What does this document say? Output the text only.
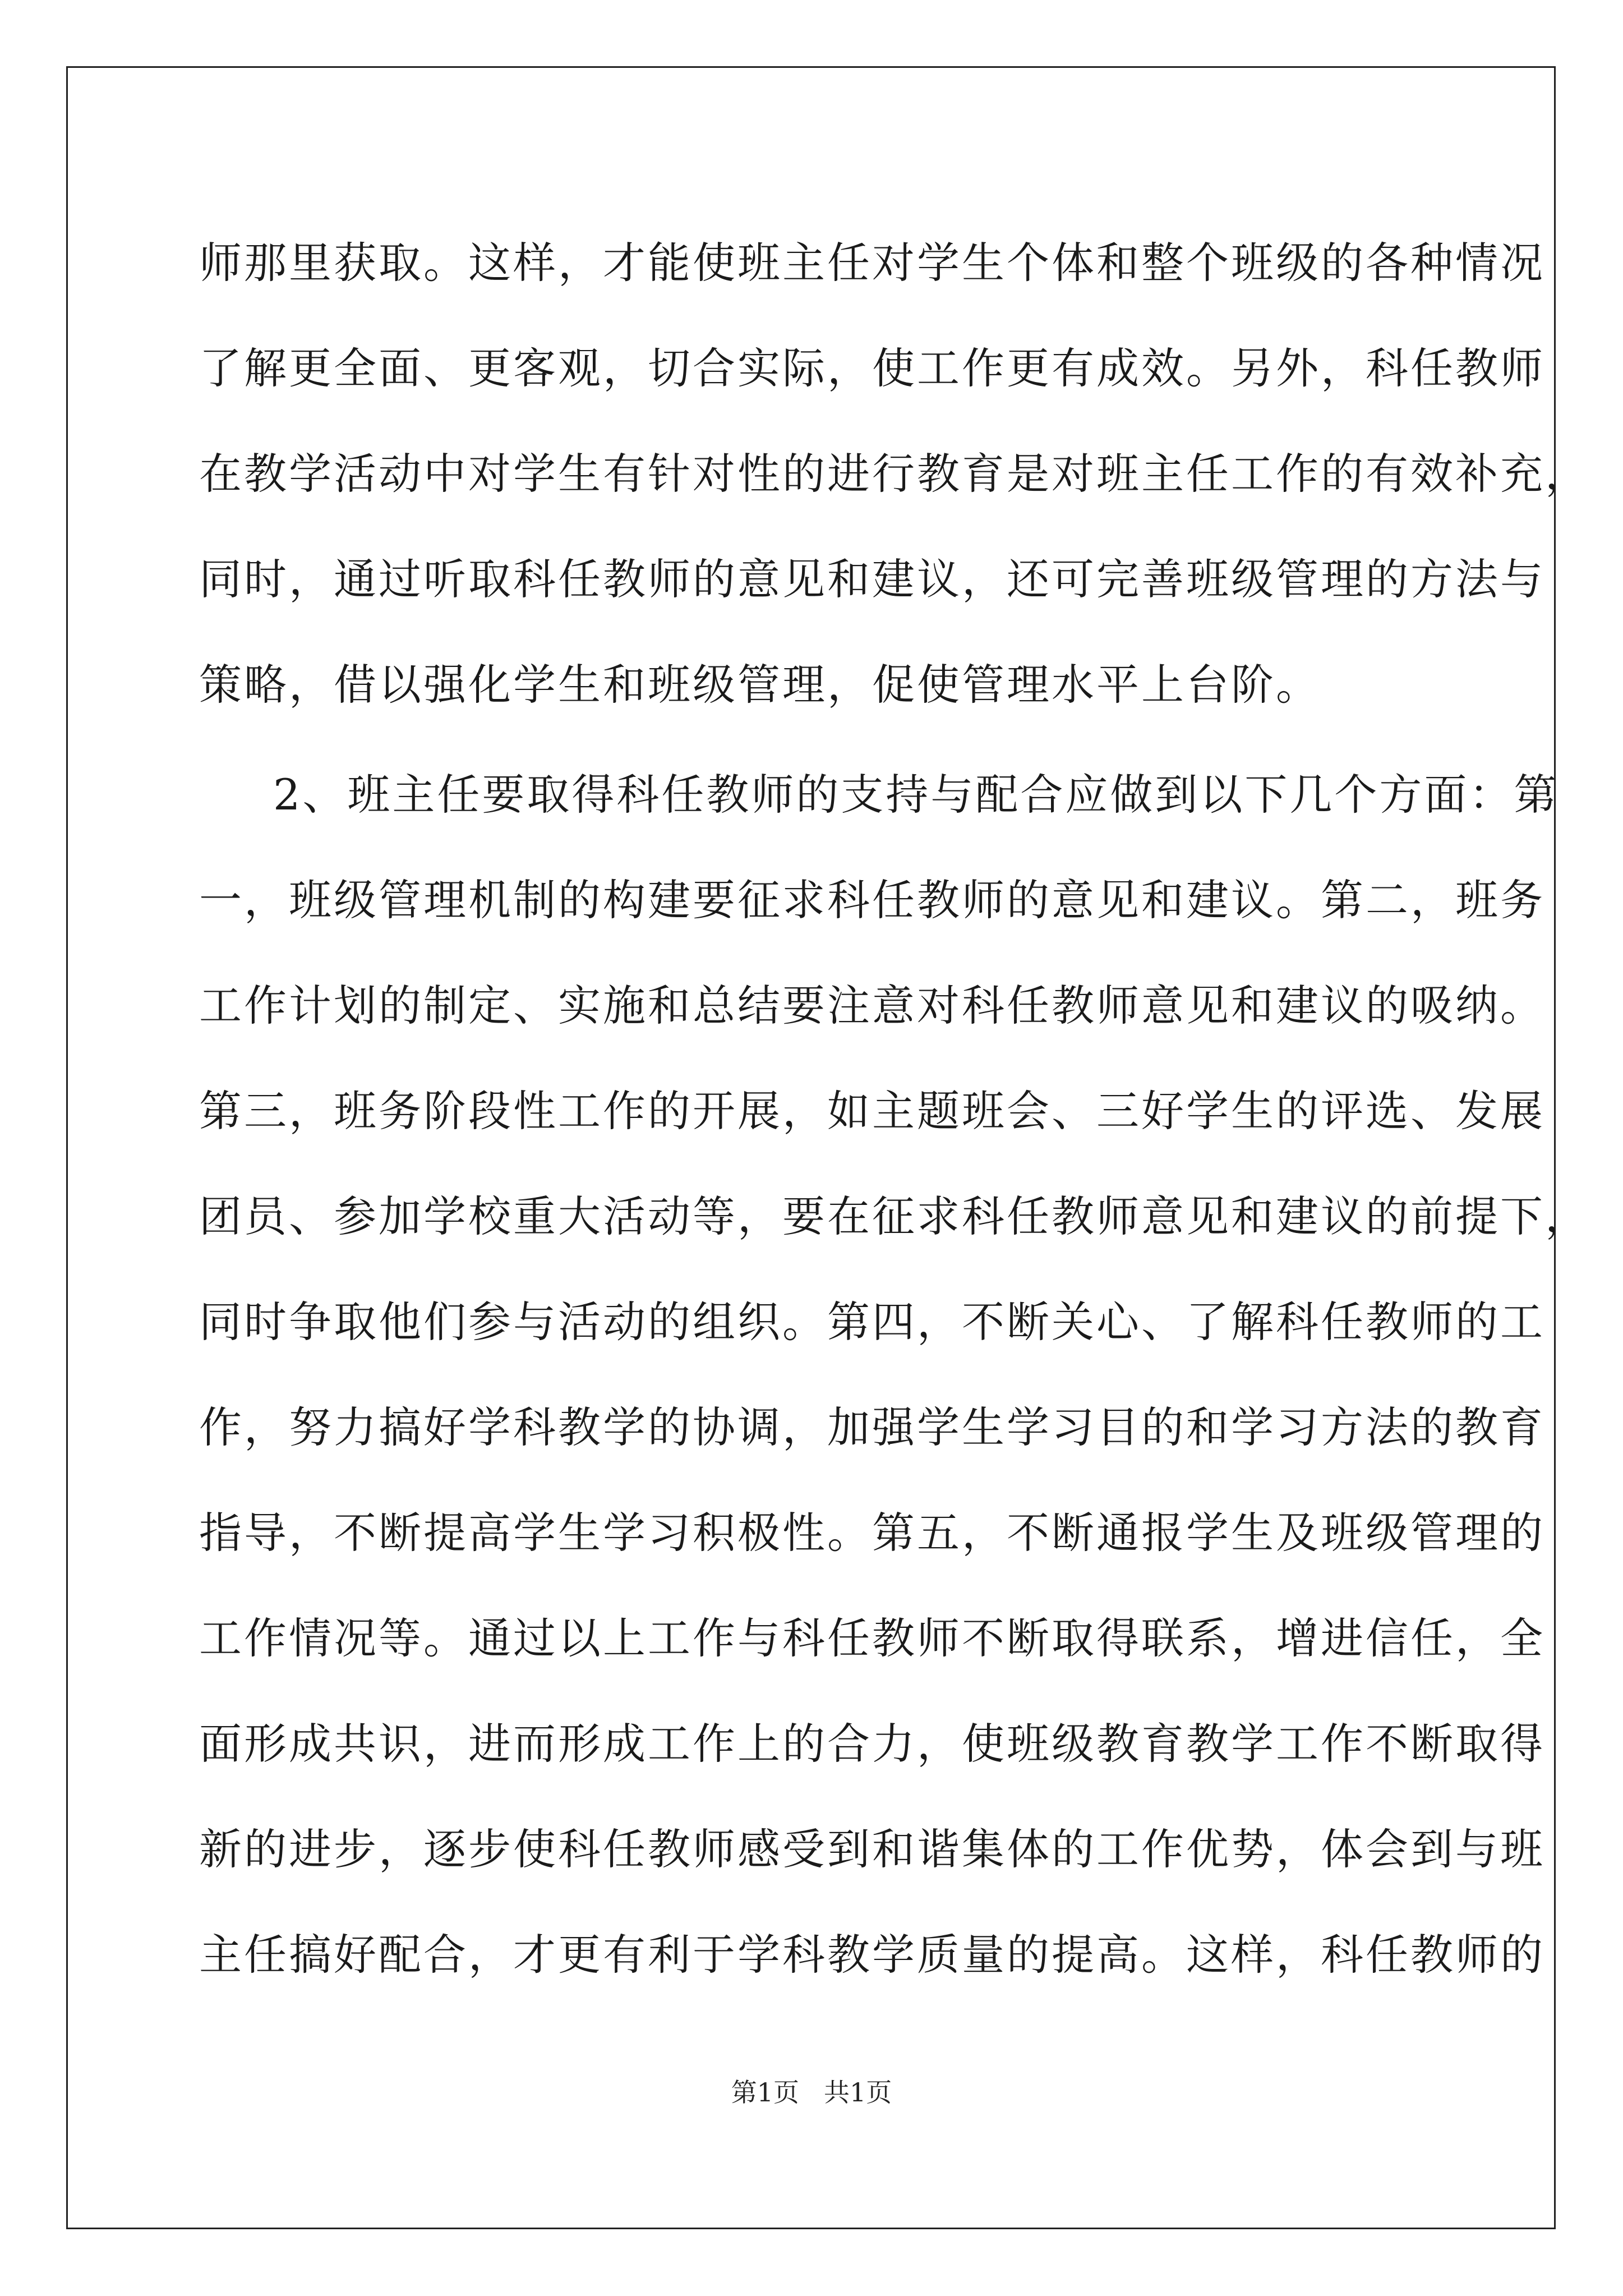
师那里获取。这样，才能使班主任对学生个体和整个班级的各种情况
了解更全面、更客观，切合实际，使工作更有成效。另外，科任教师
在教学活动中对学生有针对性的进行教育是对班主任工作的有效补充，
同时，通过听取科任教师的意见和建议，还可完善班级管理的方法与
策略，借以强化学生和班级管理，促使管理水平上台阶。
2、班主任要取得科任教师的支持与配合应做到以下几个方面：第
一，班级管理机制的构建要征求科任教师的意见和建议。第二，班务
工作计划的制定、实施和总结要注意对科任教师意见和建议的吸纳。
第三，班务阶段性工作的开展，如主题班会、三好学生的评选、发展
团员、参加学校重大活动等，要在征求科任教师意见和建议的前提下，
同时争取他们参与活动的组织。第四，不断关心、了解科任教师的工
作，努力搞好学科教学的协调，加强学生学习目的和学习方法的教育
指导，不断提高学生学习积极性。第五，不断通报学生及班级管理的
工作情况等。通过以上工作与科任教师不断取得联系，增进信任，全
面形成共识，进而形成工作上的合力，使班级教育教学工作不断取得
新的进步，逐步使科任教师感受到和谐集体的工作优势，体会到与班
主任搞好配合，才更有利于学科教学质量的提高。这样，科任教师的
第1页 共1页
